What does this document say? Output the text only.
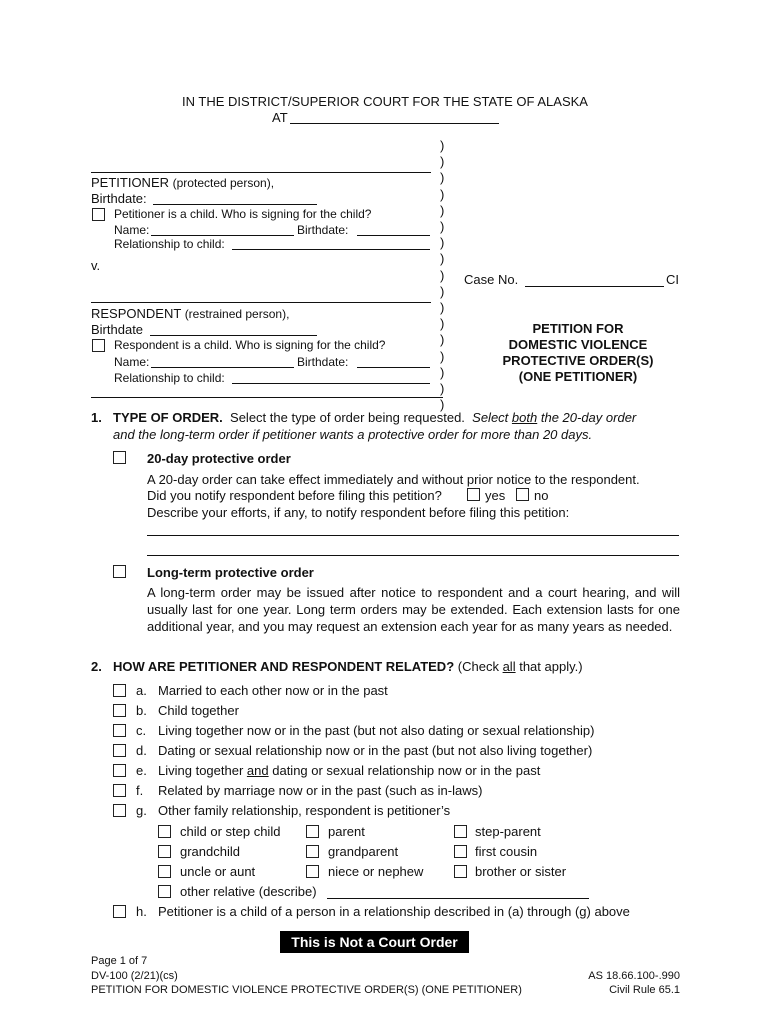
IN THE DISTRICT/SUPERIOR COURT FOR THE STATE OF ALASKA
AT
)
)
)
)
)
)
)
)
)
)
)
)
)
)
)
)
)
PETITIONER (protected person),
Birthdate:
Petitioner is a child. Who is signing for the child?
Name:	Birthdate:
Relationship to child:
v.
RESPONDENT (restrained person),
Birthdate
Respondent is a child. Who is signing for the child?
Name:	Birthdate:
Relationship to child:
Case No.	CI
PETITION FOR
DOMESTIC VIOLENCE
PROTECTIVE ORDER(S)
(ONE PETITIONER)
1. TYPE OF ORDER. Select the type of order being requested. Select both the 20-day order
and the long-term order if petitioner wants a protective order for more than 20 days.
20-day protective order
A 20-day order can take effect immediately and without prior notice to the respondent.
Did you notify respondent before filing this petition?	yes no
Describe your efforts, if any, to notify respondent before filing this petition:
Long-term protective order
A long-term order may be issued after notice to respondent and a court hearing, and will usually last for one year. Long term orders may be extended. Each extension lasts for one additional year, and you may request an extension each year for as many years as needed.
2. HOW ARE PETITIONER AND RESPONDENT RELATED? (Check all that apply.)
a. Married to each other now or in the past
b. Child together
c. Living together now or in the past (but not also dating or sexual relationship)
d. Dating or sexual relationship now or in the past (but not also living together)
e. Living together and dating or sexual relationship now or in the past
f. Related by marriage now or in the past (such as in-laws)
g. Other family relationship, respondent is petitioner’s
child or step child	parent	step-parent
grandchild	grandparent	first cousin
uncle or aunt	niece or nephew	brother or sister
other relative (describe)
h. Petitioner is a child of a person in a relationship described in (a) through (g) above
This is Not a Court Order
Page 1 of 7
DV-100 (2/21)(cs)
PETITION FOR DOMESTIC VIOLENCE PROTECTIVE ORDER(S) (ONE PETITIONER)
AS 18.66.100-.990
Civil Rule 65.1
